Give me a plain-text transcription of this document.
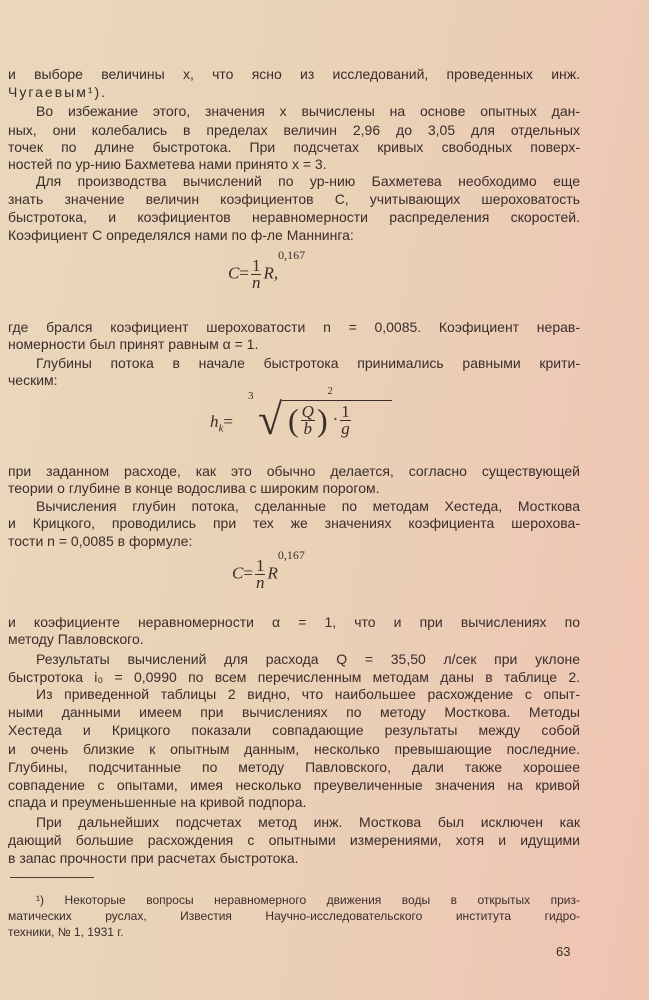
и выборе величины x, что ясно из исследований, проведенных инж.
Чугаевым¹).
Во избежание этого, значения x вычислены на основе опытных дан-
ных, они колебались в пределах величин 2,96 до 3,05 для отдельных
точек по длине быстротока. При подсчетах кривых свободных поверх-
ностей по ур-нию Бахметева нами принято x = 3.
Для производства вычислений по ур-нию Бахметева необходимо еще
знать значение величин коэфициентов C, учитывающих шероховатость
быстротока, и коэфициентов неравномерности распределения скоростей.
Коэфициент C определялся нами по ф-ле Маннинга:
$C= \frac{1}{n} R,^{0,167}$
где брался коэфициент шероховатости n = 0,0085. Коэфициент нерав-
номерности был принят равным α = 1.
Глубины потока в начале быстротока принимались равными крити-
ческим:
$h_k=$
3 √ ( $\frac{Q}{b} )^2\cdot \frac{1}{g}$
при заданном расходе, как это обычно делается, согласно существующей
теории о глубине в конце водослива с широким порогом.
Вычисления глубин потока, сделанные по методам Хестеда, Мосткова
и Крицкого, проводились при тех же значениях коэфициента шерохова-
тости n = 0,0085 в формуле:
$C= \frac{1}{n} R^{0,167}$
и коэфициенте неравномерности α = 1, что и при вычислениях по
методу Павловского.
Результаты вычислений для расхода Q = 35,50 л/сек при уклоне
быстротока i₀ = 0,0990 по всем перечисленным методам даны в таблице 2.
Из приведенной таблицы 2 видно, что наибольшее расхождение с опыт-
ными данными имеем при вычислениях по методу Мосткова. Методы
Хестеда и Крицкого показали совпадающие результаты между собой
и очень близкие к опытным данным, несколько превышающие последние.
Глубины, подсчитанные по методу Павловского, дали также хорошее
совпадение с опытами, имея несколько преувеличенные значения на кривой
спада и преуменьшенные на кривой подпора.
При дальнейших подсчетах метод инж. Мосткова был исключен как
дающий большие расхождения с опытными измерениями, хотя и идущими
в запас прочности при расчетах быстротока.
¹) Некоторые вопросы неравномерного движения воды в открытых приз-
матических руслах, Известия Научно-исследовательского института гидро-
техники, № 1, 1931 г.
63
